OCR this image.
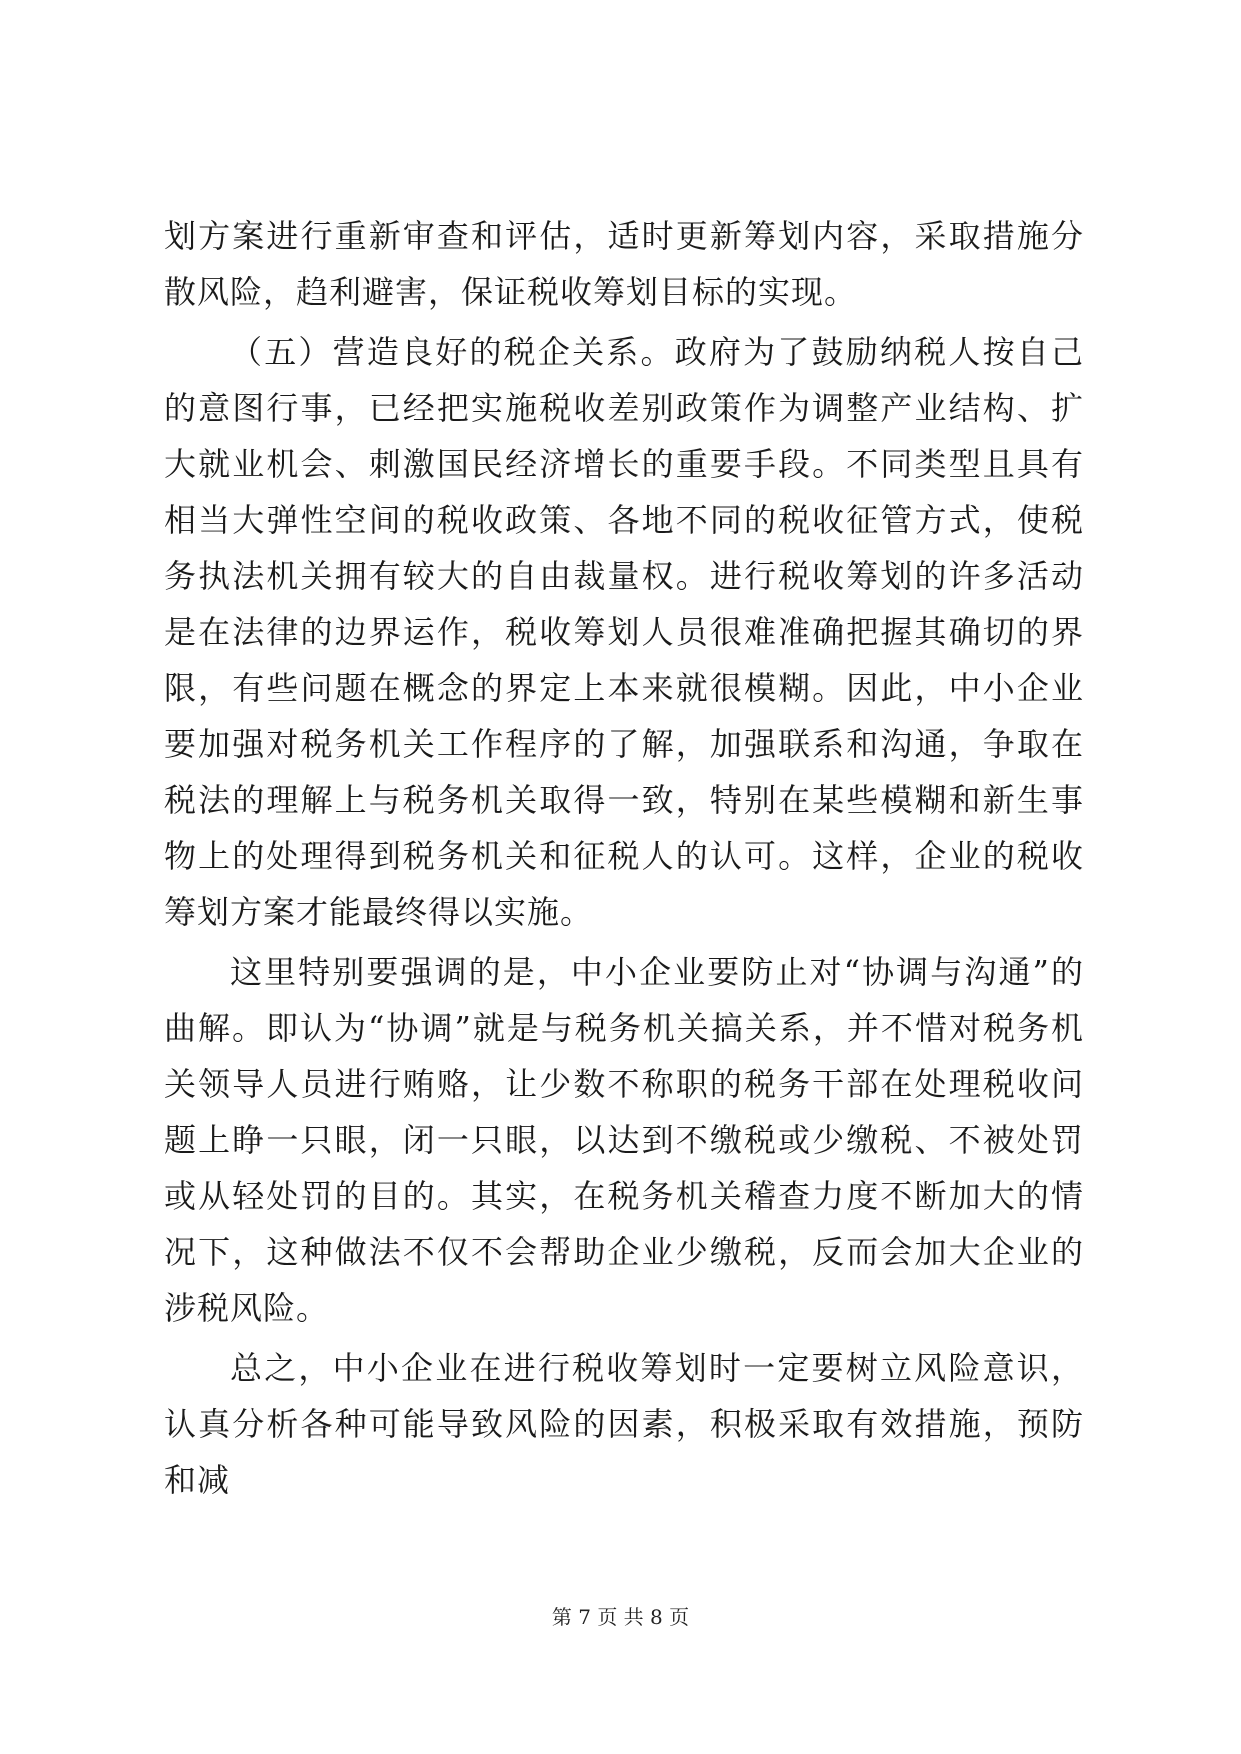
划方案进行重新审查和评估，适时更新筹划内容，采取措施分散风险，趋利避害，保证税收筹划目标的实现。

（五）营造良好的税企关系。政府为了鼓励纳税人按自己的意图行事，已经把实施税收差别政策作为调整产业结构、扩大就业机会、刺激国民经济增长的重要手段。不同类型且具有相当大弹性空间的税收政策、各地不同的税收征管方式，使税务执法机关拥有较大的自由裁量权。进行税收筹划的许多活动是在法律的边界运作，税收筹划人员很难准确把握其确切的界限，有些问题在概念的界定上本来就很模糊。因此，中小企业要加强对税务机关工作程序的了解，加强联系和沟通，争取在税法的理解上与税务机关取得一致，特别在某些模糊和新生事物上的处理得到税务机关和征税人的认可。这样，企业的税收筹划方案才能最终得以实施。

这里特别要强调的是，中小企业要防止对“协调与沟通”的曲解。即认为“协调”就是与税务机关搞关系，并不惜对税务机关领导人员进行贿赂，让少数不称职的税务干部在处理税收问题上睁一只眼，闭一只眼，以达到不缴税或少缴税、不被处罚或从轻处罚的目的。其实，在税务机关稽查力度不断加大的情况下，这种做法不仅不会帮助企业少缴税，反而会加大企业的涉税风险。

总之，中小企业在进行税收筹划时一定要树立风险意识，认真分析各种可能导致风险的因素，积极采取有效措施，预防和减

第 7 页 共 8 页
